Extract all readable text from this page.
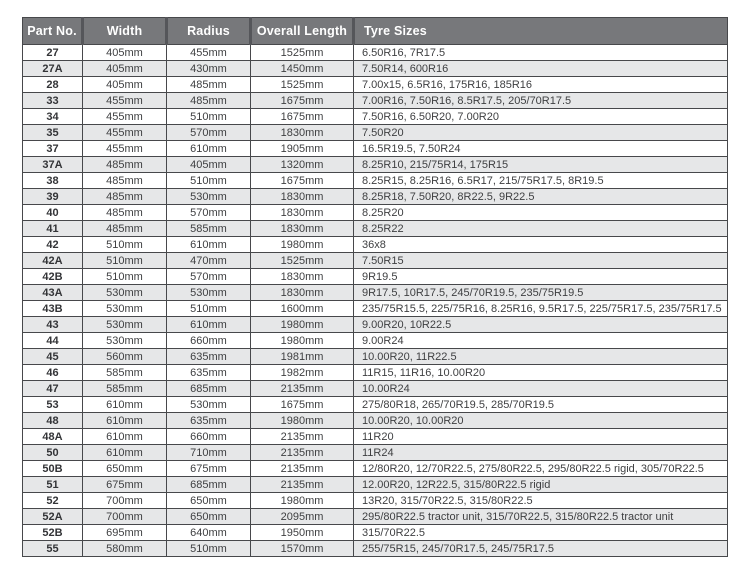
Part No.	Width	Radius	Overall Length	Tyre Sizes
27	405mm	455mm	1525mm	6.50R16, 7R17.5
27A	405mm	430mm	1450mm	7.50R14, 600R16
28	405mm	485mm	1525mm	7.00x15, 6.5R16, 175R16, 185R16
33	455mm	485mm	1675mm	7.00R16, 7.50R16, 8.5R17.5, 205/70R17.5
34	455mm	510mm	1675mm	7.50R16, 6.50R20, 7.00R20
35	455mm	570mm	1830mm	7.50R20
37	455mm	610mm	1905mm	16.5R19.5, 7.50R24
37A	485mm	405mm	1320mm	8.25R10, 215/75R14, 175R15
38	485mm	510mm	1675mm	8.25R15, 8.25R16, 6.5R17, 215/75R17.5, 8R19.5
39	485mm	530mm	1830mm	8.25R18, 7.50R20, 8R22.5, 9R22.5
40	485mm	570mm	1830mm	8.25R20
41	485mm	585mm	1830mm	8.25R22
42	510mm	610mm	1980mm	36x8
42A	510mm	470mm	1525mm	7.50R15
42B	510mm	570mm	1830mm	9R19.5
43A	530mm	530mm	1830mm	9R17.5, 10R17.5, 245/70R19.5, 235/75R19.5
43B	530mm	510mm	1600mm	235/75R15.5, 225/75R16, 8.25R16, 9.5R17.5, 225/75R17.5, 235/75R17.5
43	530mm	610mm	1980mm	9.00R20, 10R22.5
44	530mm	660mm	1980mm	9.00R24
45	560mm	635mm	1981mm	10.00R20, 11R22.5
46	585mm	635mm	1982mm	11R15, 11R16, 10.00R20
47	585mm	685mm	2135mm	10.00R24
53	610mm	530mm	1675mm	275/80R18, 265/70R19.5, 285/70R19.5
48	610mm	635mm	1980mm	10.00R20, 10.00R20
48A	610mm	660mm	2135mm	11R20
50	610mm	710mm	2135mm	11R24
50B	650mm	675mm	2135mm	12/80R20, 12/70R22.5, 275/80R22.5, 295/80R22.5 rigid, 305/70R22.5
51	675mm	685mm	2135mm	12.00R20, 12R22.5, 315/80R22.5 rigid
52	700mm	650mm	1980mm	13R20, 315/70R22.5, 315/80R22.5
52A	700mm	650mm	2095mm	295/80R22.5 tractor unit, 315/70R22.5, 315/80R22.5 tractor unit
52B	695mm	640mm	1950mm	315/70R22.5
55	580mm	510mm	1570mm	255/75R15, 245/70R17.5, 245/75R17.5
